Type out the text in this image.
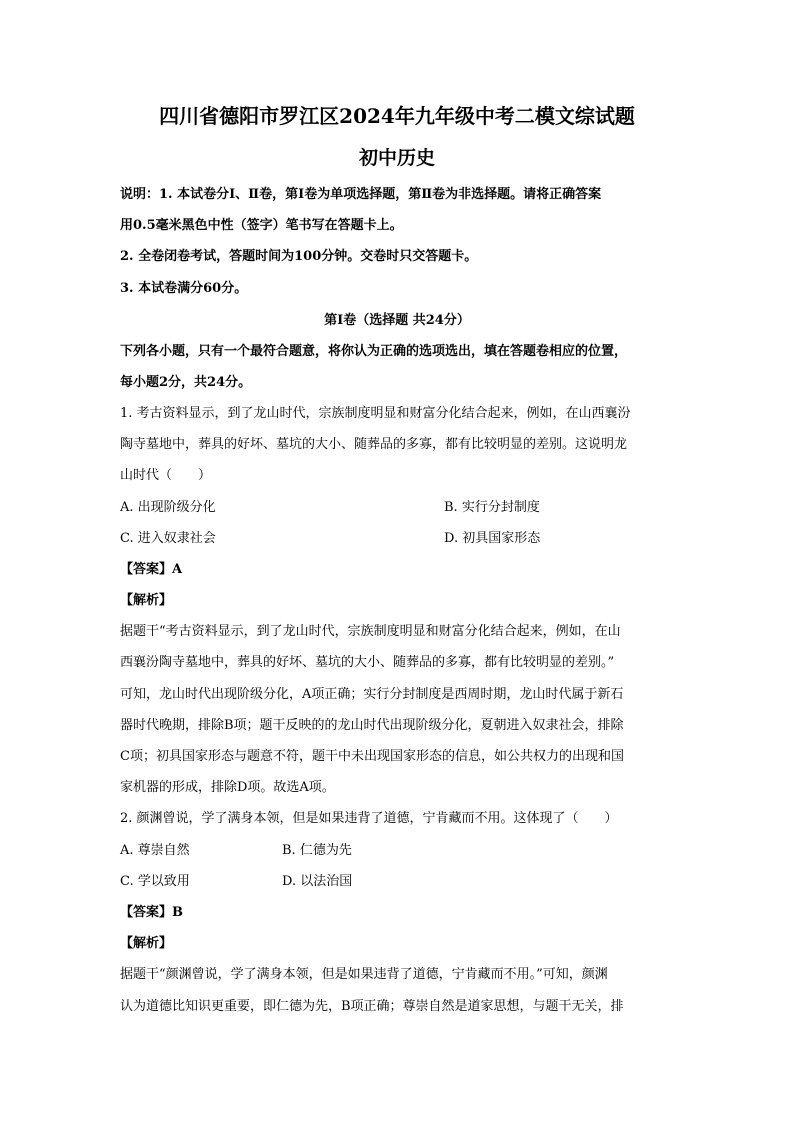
四川省德阳市罗江区2024年九年级中考二模文综试题
初中历史
说明：1. 本试卷分Ⅰ、Ⅱ卷，第Ⅰ卷为单项选择题，第Ⅱ卷为非选择题。请将正确答案
用0.5毫米黑色中性（签字）笔书写在答题卡上。
2. 全卷闭卷考试，答题时间为100分钟。交卷时只交答题卡。
3. 本试卷满分60分。
第Ⅰ卷（选择题 共24分）
下列各小题，只有一个最符合题意，将你认为正确的选项选出，填在答题卷相应的位置，
每小题2分，共24分。
1. 考古资料显示，到了龙山时代，宗族制度明显和财富分化结合起来，例如，在山西襄汾
陶寺墓地中，葬具的好坏、墓坑的大小、随葬品的多寡，都有比较明显的差别。这说明龙
山时代（　　）
A. 出现阶级分化	B. 实行分封制度
C. 进入奴隶社会	D. 初具国家形态
【答案】A
【解析】
据题干“考古资料显示，到了龙山时代，宗族制度明显和财富分化结合起来，例如，在山
西襄汾陶寺墓地中，葬具的好坏、墓坑的大小、随葬品的多寡，都有比较明显的差别。”
可知，龙山时代出现阶级分化，A项正确；实行分封制度是西周时期，龙山时代属于新石
器时代晚期，排除B项；题干反映的的龙山时代出现阶级分化，夏朝进入奴隶社会，排除
C项；初具国家形态与题意不符，题干中未出现国家形态的信息，如公共权力的出现和国
家机器的形成，排除D项。故选A项。
2. 颜渊曾说，学了满身本领，但是如果违背了道德，宁肯藏而不用。这体现了（　　）
A. 尊崇自然	B. 仁德为先
C. 学以致用	D. 以法治国
【答案】B
【解析】
据题干“颜渊曾说，学了满身本领，但是如果违背了道德，宁肯藏而不用。”可知，颜渊
认为道德比知识更重要，即仁德为先，B项正确；尊崇自然是道家思想，与题干无关，排
